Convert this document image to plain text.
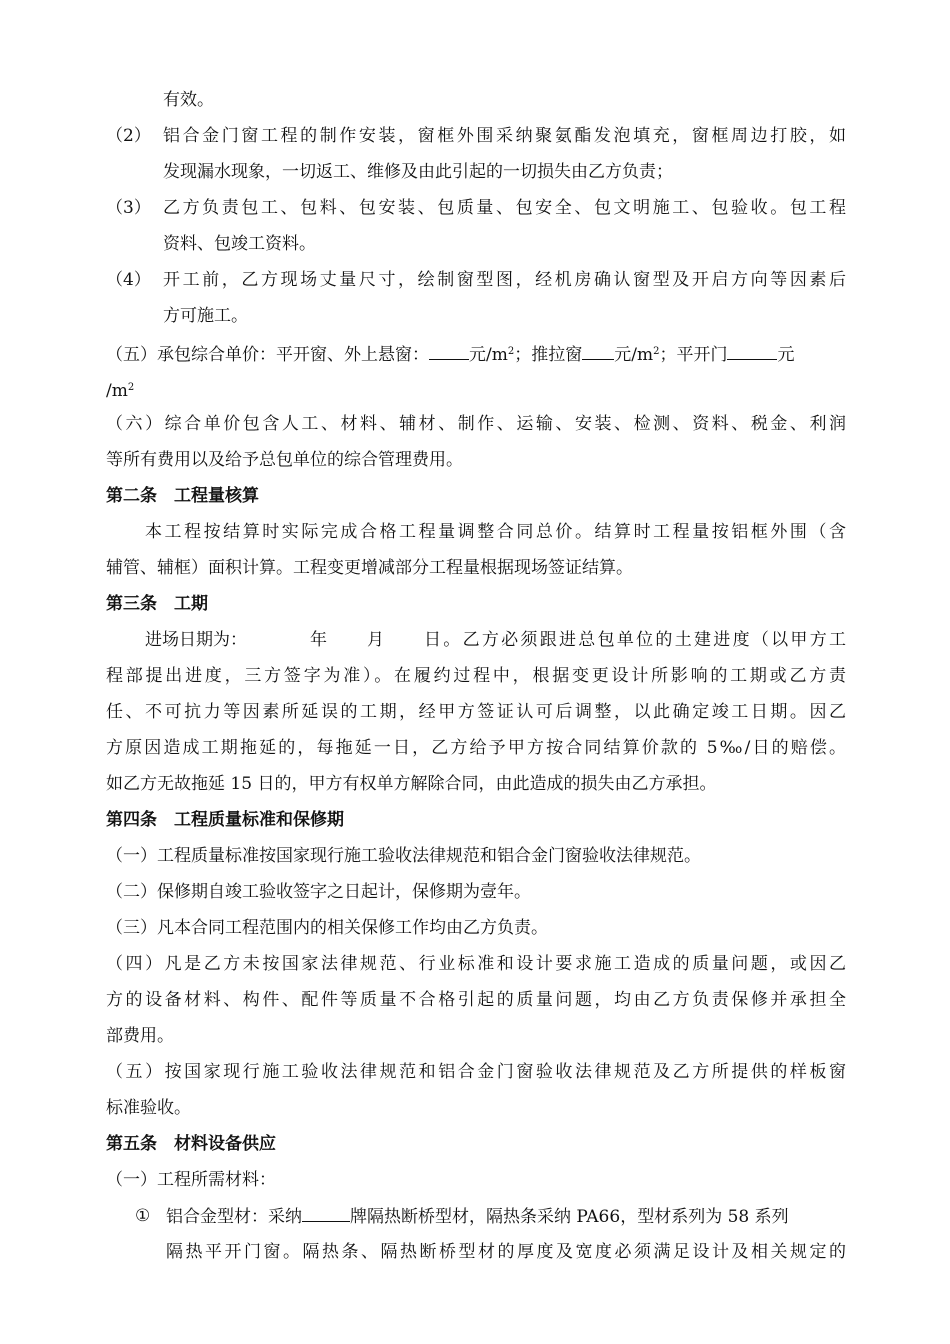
有效。
（2） 铝合金门窗工程的制作安装，窗框外围采纳聚氨酯发泡填充，窗框周边打胶，如
发现漏水现象，一切返工、维修及由此引起的一切损失由乙方负责；
（3） 乙方负责包工、包料、包安装、包质量、包安全、包文明施工、包验收。包工程
资料、包竣工资料。
（4） 开工前，乙方现场丈量尺寸，绘制窗型图，经机房确认窗型及开启方向等因素后
方可施工。
（五）承包综合单价：平开窗、外上悬窗： 元$/m^2$；推拉窗 元$/m^2$；平开门	元
$/m^2$
（六）综合单价包含人工、材料、辅材、制作、运输、安装、检测、资料、税金、利润
等所有费用以及给予总包单位的综合管理费用。
第二条　工程量核算
本工程按结算时实际完成合格工程量调整合同总价。结算时工程量按铝框外围（含
辅管、辅框）面积计算。工程变更增减部分工程量根据现场签证结算。
第三条　工期
进场日期为：	年 月 日。乙方必须跟进总包单位的土建进度（以甲方工
程部提出进度，三方签字为准）。在履约过程中，根据变更设计所影响的工期或乙方责
任、不可抗力等因素所延误的工期，经甲方签证认可后调整，以此确定竣工日期。因乙
方原因造成工期拖延的，每拖延一日，乙方给予甲方按合同结算价款的 5‰/日的赔偿。
如乙方无故拖延 15 日的，甲方有权单方解除合同，由此造成的损失由乙方承担。
第四条　工程质量标准和保修期
（一）工程质量标准按国家现行施工验收法律规范和铝合金门窗验收法律规范。
（二）保修期自竣工验收签字之日起计，保修期为壹年。
（三）凡本合同工程范围内的相关保修工作均由乙方负责。
（四）凡是乙方未按国家法律规范、行业标准和设计要求施工造成的质量问题，或因乙
方的设备材料、构件、配件等质量不合格引起的质量问题，均由乙方负责保修并承担全
部费用。
（五）按国家现行施工验收法律规范和铝合金门窗验收法律规范及乙方所提供的样板窗
标准验收。
第五条　材料设备供应
（一）工程所需材料：
① 铝合金型材：采纳	牌隔热断桥型材，隔热条采纳 PA66，型材系列为 58 系列
隔热平开门窗。隔热条、隔热断桥型材的厚度及宽度必须满足设计及相关规定的
